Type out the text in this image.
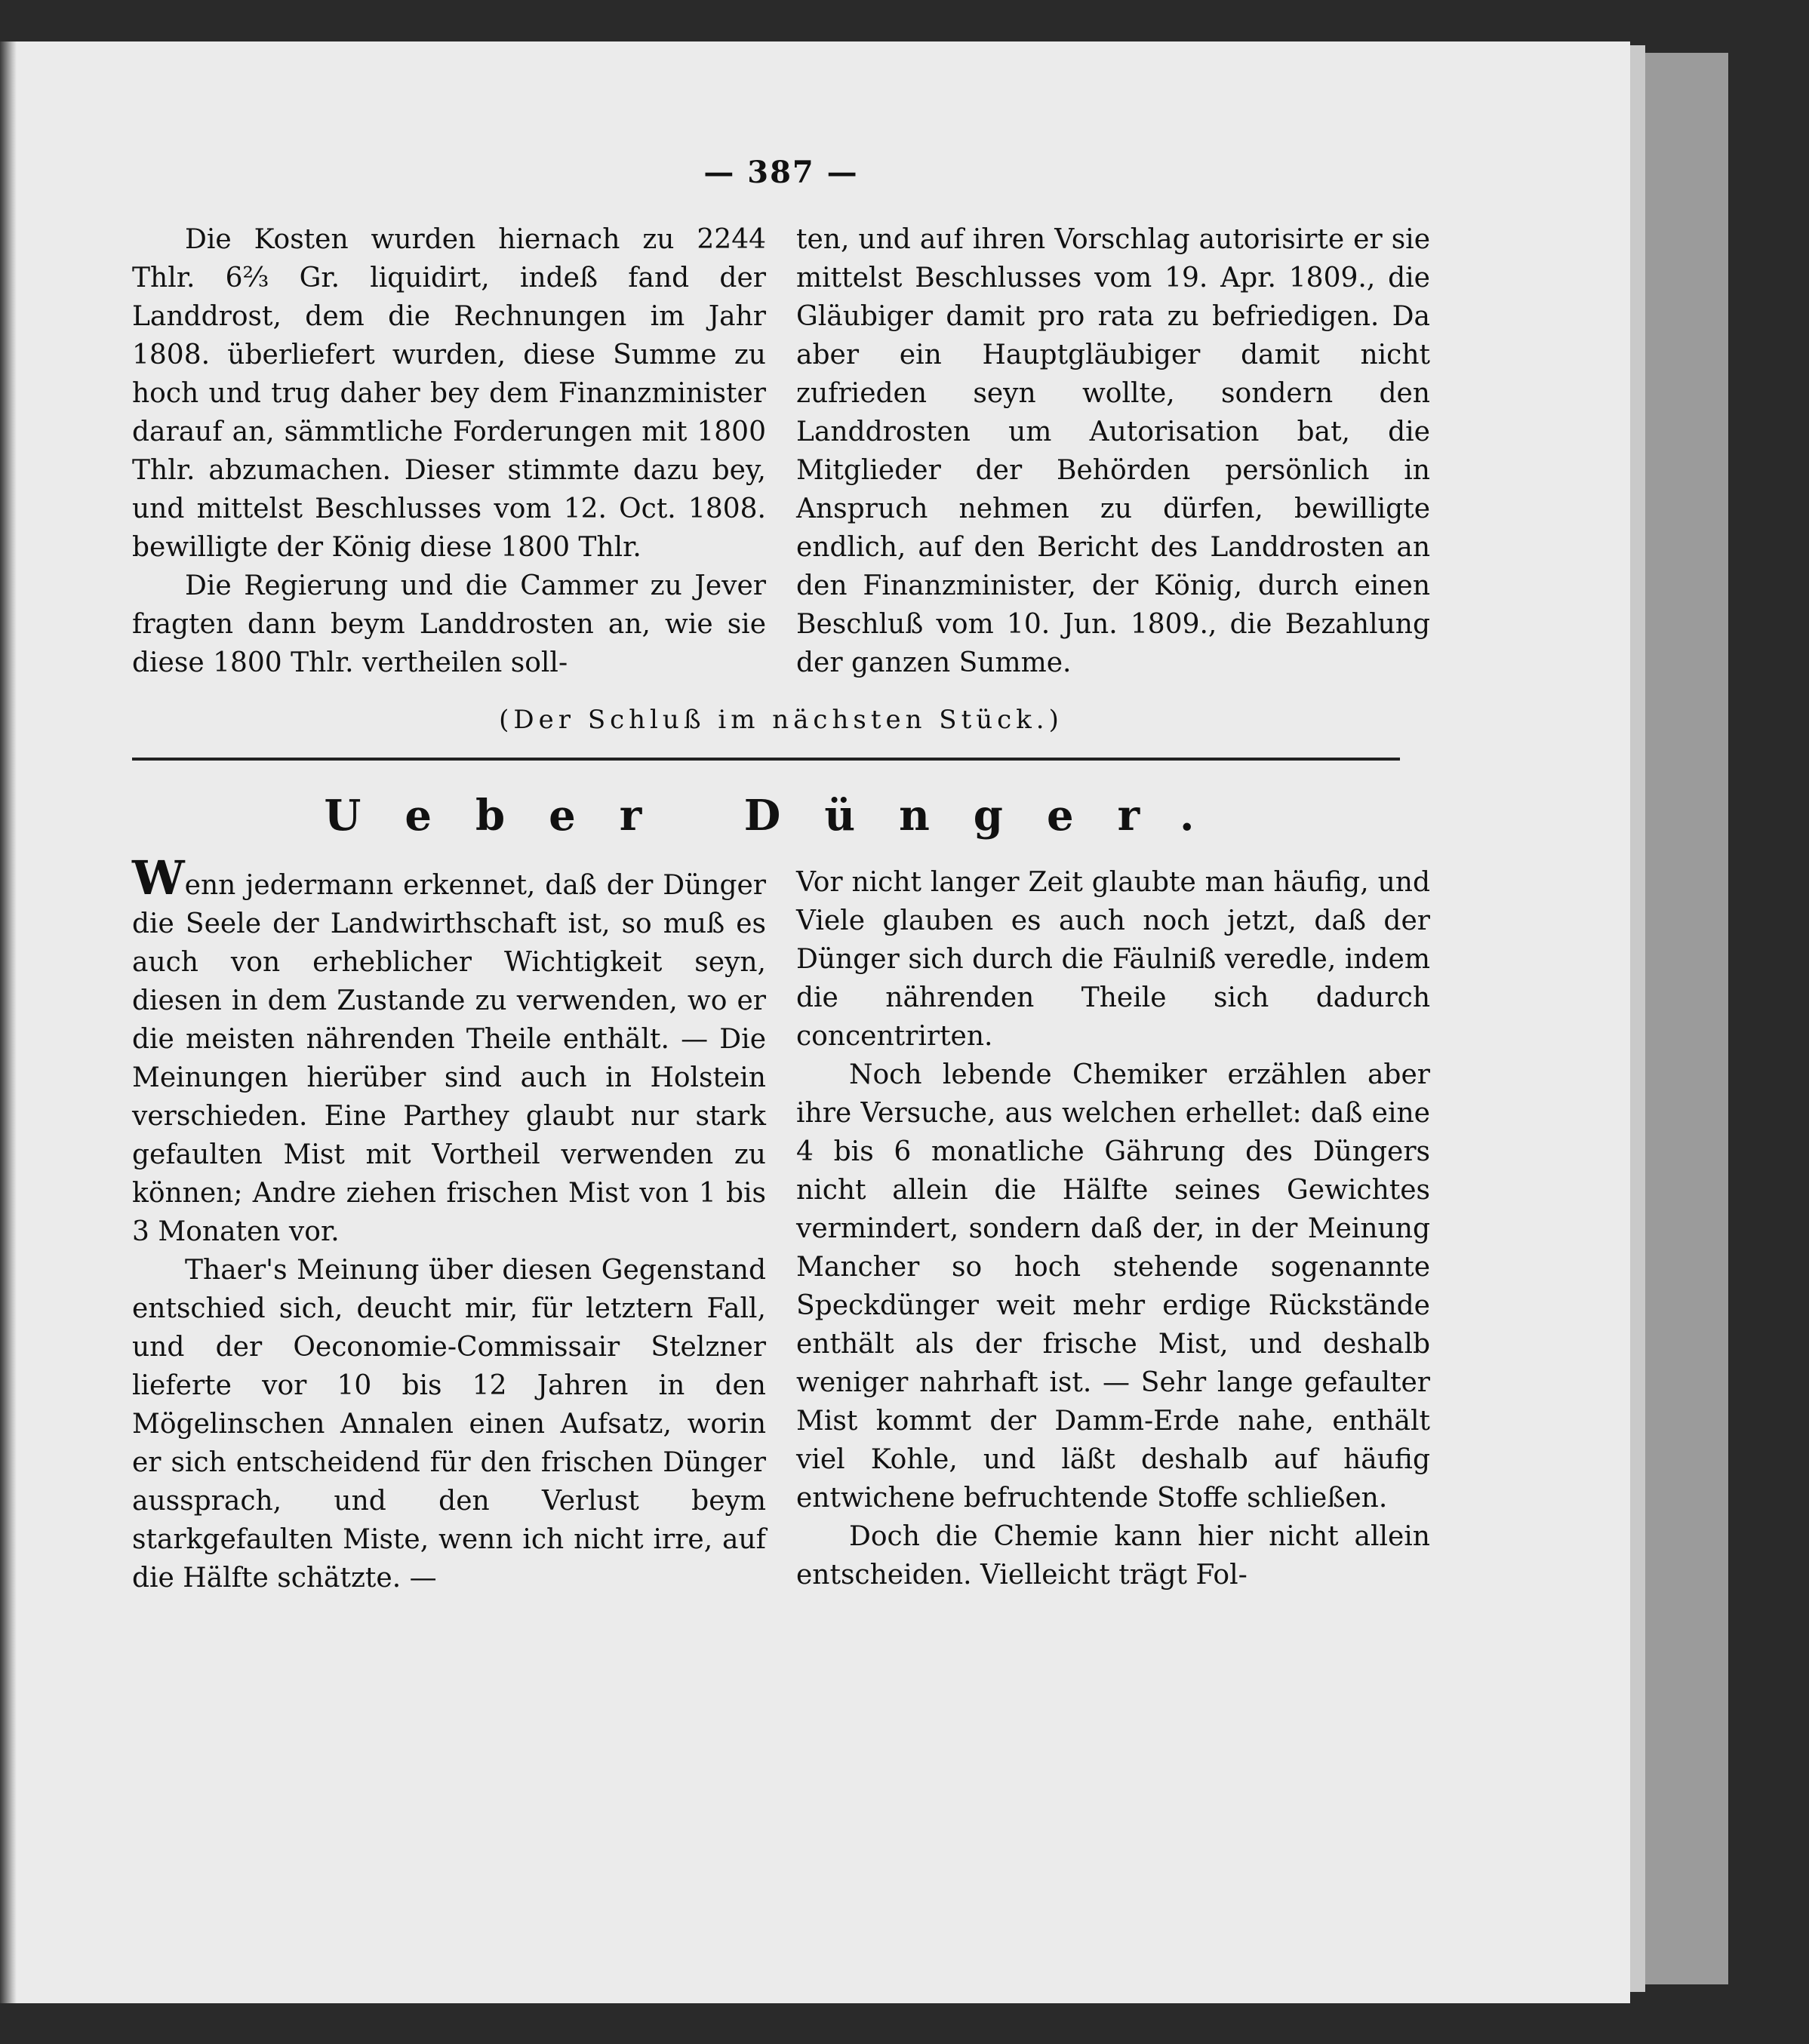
— 387 —

Die Kosten wurden hiernach zu 2244 Thlr. 6⅔ Gr. liquidirt, indeß fand der Landdrost, dem die Rechnungen im Jahr 1808. überliefert wurden, diese Summe zu hoch und trug daher bey dem Finanzminister darauf an, sämmtliche Forderungen mit 1800 Thlr. abzumachen. Dieser stimmte dazu bey, und mittelst Beschlusses vom 12. Oct. 1808. bewilligte der König diese 1800 Thlr.

Die Regierung und die Cammer zu Jever fragten dann beym Landdrosten an, wie sie diese 1800 Thlr. vertheilen soll-

ten, und auf ihren Vorschlag autorisirte er sie mittelst Beschlusses vom 19. Apr. 1809., die Gläubiger damit pro rata zu befriedigen. Da aber ein Hauptgläubiger damit nicht zufrieden seyn wollte, sondern den Landdrosten um Autorisation bat, die Mitglieder der Behörden persönlich in Anspruch nehmen zu dürfen, bewilligte endlich, auf den Bericht des Landdrosten an den Finanzminister, der König, durch einen Beschluß vom 10. Jun. 1809., die Bezahlung der ganzen Summe.

(Der Schluß im nächsten Stück.)
Ueber Dünger.

Wenn jedermann erkennet, daß der Dünger die Seele der Landwirthschaft ist, so muß es auch von erheblicher Wichtigkeit seyn, diesen in dem Zustande zu verwenden, wo er die meisten nährenden Theile enthält. — Die Meinungen hierüber sind auch in Holstein verschieden. Eine Parthey glaubt nur stark gefaulten Mist mit Vortheil verwenden zu können; Andre ziehen frischen Mist von 1 bis 3 Monaten vor.

Thaer's Meinung über diesen Gegenstand entschied sich, deucht mir, für letztern Fall, und der Oeconomie-Commissair Stelzner lieferte vor 10 bis 12 Jahren in den Mögelinschen Annalen einen Aufsatz, worin er sich entscheidend für den frischen Dünger aussprach, und den Verlust beym starkgefaulten Miste, wenn ich nicht irre, auf die Hälfte schätzte. —

Vor nicht langer Zeit glaubte man häufig, und Viele glauben es auch noch jetzt, daß der Dünger sich durch die Fäulniß veredle, indem die nährenden Theile sich dadurch concentrirten.

Noch lebende Chemiker erzählen aber ihre Versuche, aus welchen erhellet: daß eine 4 bis 6 monatliche Gährung des Düngers nicht allein die Hälfte seines Gewichtes vermindert, sondern daß der, in der Meinung Mancher so hoch stehende sogenannte Speckdünger weit mehr erdige Rückstände enthält als der frische Mist, und deshalb weniger nahrhaft ist. — Sehr lange gefaulter Mist kommt der Damm-Erde nahe, enthält viel Kohle, und läßt deshalb auf häufig entwichene befruchtende Stoffe schließen.

Doch die Chemie kann hier nicht allein entscheiden. Vielleicht trägt Fol-
